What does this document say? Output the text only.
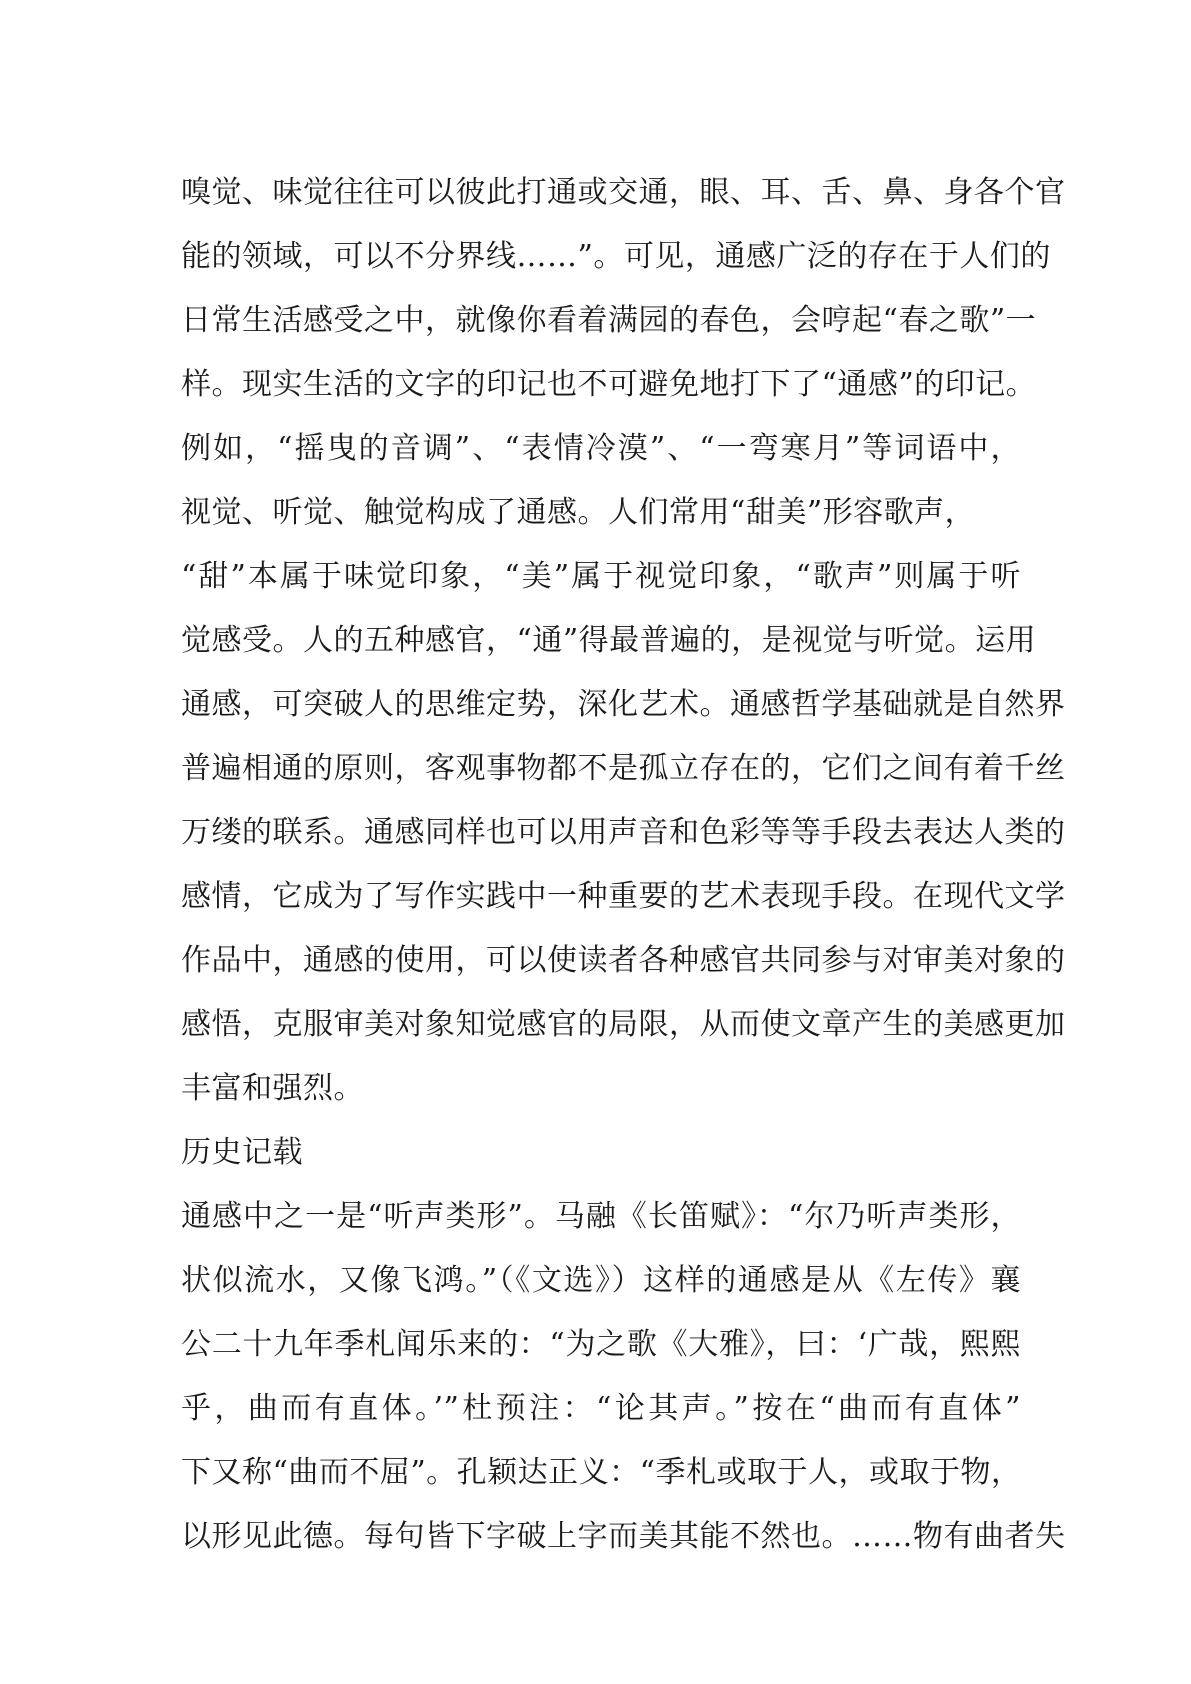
嗅觉、味觉往往可以彼此打通或交通，眼、耳、舌、鼻、身各个官
能的领域，可以不分界线……”。可见，通感广泛的存在于人们的
日常生活感受之中，就像你看着满园的春色，会哼起“春之歌”一
样。现实生活的文字的印记也不可避免地打下了“通感”的印记。
例如，“摇曳的音调”、“表情冷漠”、“一弯寒月”等词语中，
视觉、听觉、触觉构成了通感。人们常用“甜美”形容歌声，
“甜”本属于味觉印象，“美”属于视觉印象，“歌声”则属于听
觉感受。人的五种感官，“通”得最普遍的，是视觉与听觉。运用
通感，可突破人的思维定势，深化艺术。通感哲学基础就是自然界
普遍相通的原则，客观事物都不是孤立存在的，它们之间有着千丝
万缕的联系。通感同样也可以用声音和色彩等等手段去表达人类的
感情，它成为了写作实践中一种重要的艺术表现手段。在现代文学
作品中，通感的使用，可以使读者各种感官共同参与对审美对象的
感悟，克服审美对象知觉感官的局限，从而使文章产生的美感更加
丰富和强烈。
历史记载
通感中之一是“听声类形”。马融《长笛赋》：“尔乃听声类形，
状似流水，又像飞鸿。”（《文选》）这样的通感是从《左传》襄
公二十九年季札闻乐来的：“为之歌《大雅》，曰：‘广哉，熙熙
乎，曲而有直体。’”杜预注：“论其声。”按在“曲而有直体”
下又称“曲而不屈”。孔颖达正义：“季札或取于人，或取于物，
以形见此德。每句皆下字破上字而美其能不然也。……物有曲者失
